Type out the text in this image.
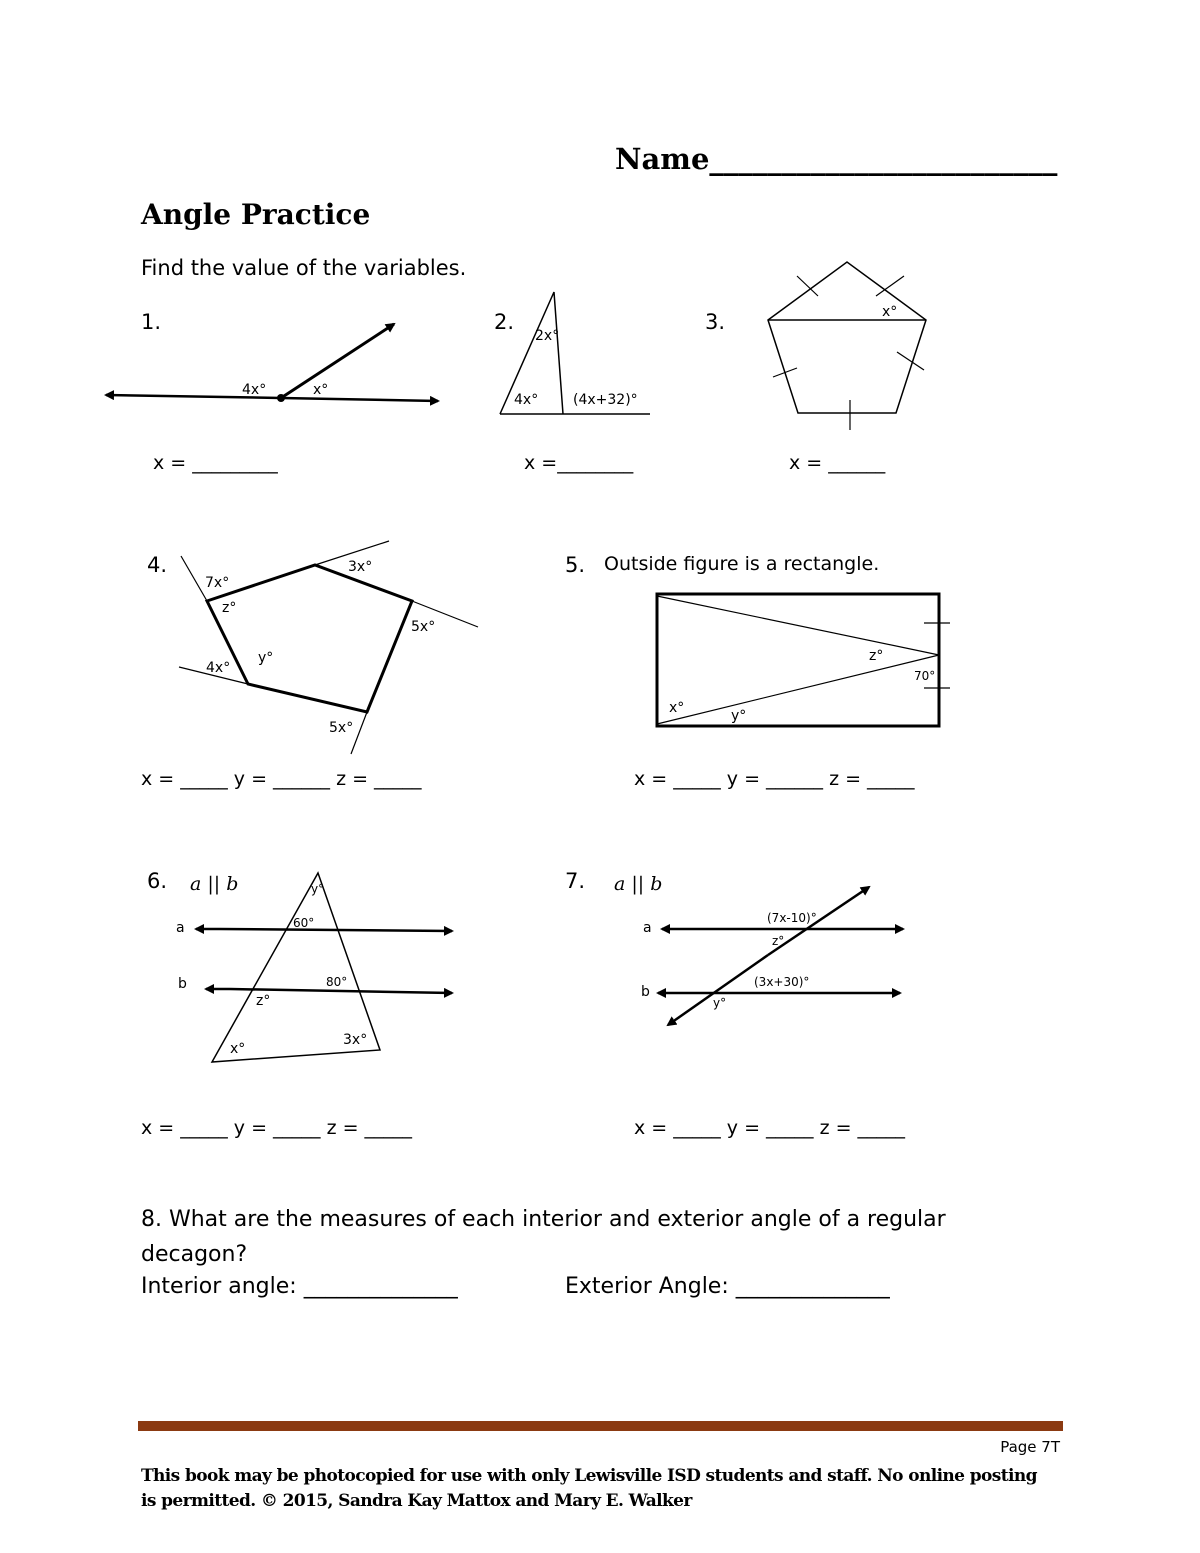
Name________________________
Angle Practice
Find the value of the variables.
1.	2.	3.
4.	5. Outside figure is a rectangle.
6.	7.
x = _________	x =________	x = ______
x = _____ y = ______ z = _____	x = _____ y = ______ z = _____
x = _____ y = _____ z = _____	x = _____ y = _____ z = _____
8. What are the measures of each interior and exterior angle of a regular decagon?
Interior angle: ______________	Exterior Angle: ______________
4x°	x°
2x°
4x° (4x+32)°
x°
7x°
3x°
z°
5x°
y°
4x°
5x°
z°
70°
x°	y°
a || b
a
b
y°
60°
80°
z°
3x°
x°
a || b
a
b
(7x-10)°
z°
(3x+30)°
y°
Page 7T
This book may be photocopied for use with only Lewisville ISD students and staff. No online posting is permitted. © 2015, Sandra Kay Mattox and Mary E. Walker
